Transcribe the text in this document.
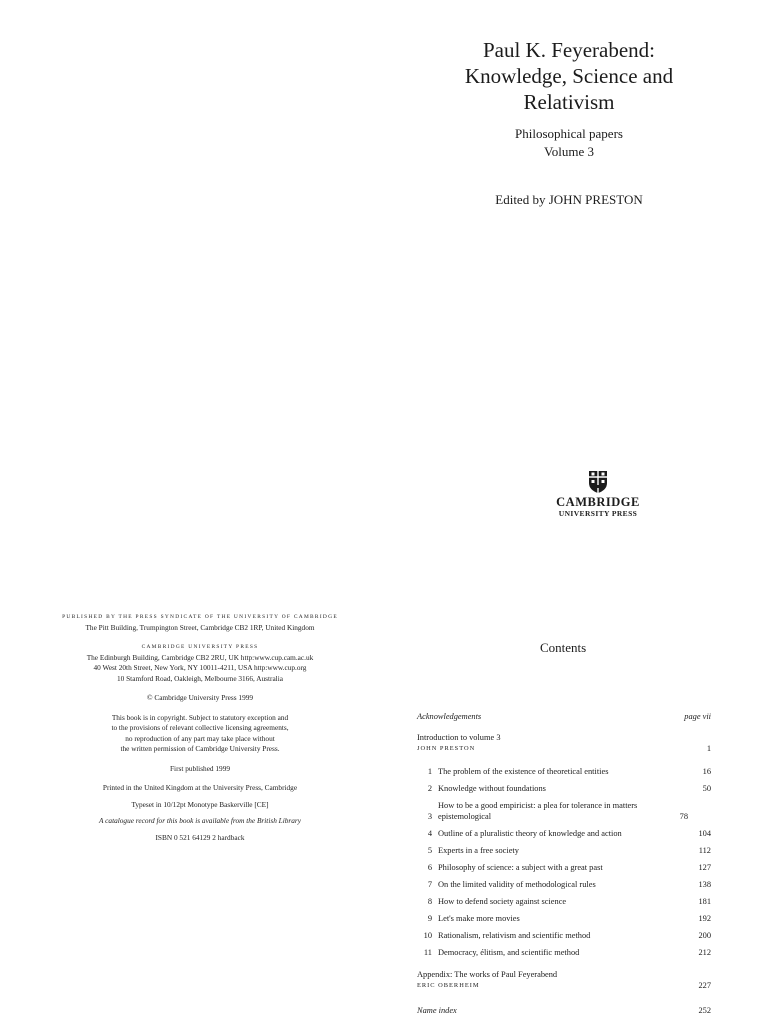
Paul K. Feyerabend:
Knowledge, Science and
Relativism
Philosophical papers
Volume 3
Edited by JOHN PRESTON
CAMBRIDGE
UNIVERSITY PRESS
PUBLISHED BY THE PRESS SYNDICATE OF THE UNIVERSITY OF CAMBRIDGE
The Pitt Building, Trumpington Street, Cambridge CB2 1RP, United Kingdom
CAMBRIDGE UNIVERSITY PRESS
The Edinburgh Building, Cambridge CB2 2RU, UK http:www.cup.cam.ac.uk
40 West 20th Street, New York, NY 10011-4211, USA http:www.cup.org
10 Stamford Road, Oakleigh, Melbourne 3166, Australia
© Cambridge University Press 1999
This book is in copyright. Subject to statutory exception and
to the provisions of relevant collective licensing agreements,
no reproduction of any part may take place without
the written permission of Cambridge University Press.
First published 1999
Printed in the United Kingdom at the University Press, Cambridge
Typeset in 10/12pt Monotype Baskerville [CE]
A catalogue record for this book is available from the British Library
ISBN 0 521 64129 2 hardback
Contents
Acknowledgements	page vii
Introduction to volume 3
JOHN PRESTON	1
1 The problem of the existence of theoretical entities	16
2 Knowledge without foundations	50
3
How to be a good empiricist: a plea for tolerance in matters epistemological	78
4 Outline of a pluralistic theory of knowledge and action	104
5 Experts in a free society	112
6 Philosophy of science: a subject with a great past	127
7 On the limited validity of methodological rules	138
8 How to defend society against science	181
9 Let's make more movies	192
10 Rationalism, relativism and scientific method	200
11 Democracy, élitism, and scientific method	212
Appendix: The works of Paul Feyerabend
ERIC OBERHEIM	227
Name index	252
